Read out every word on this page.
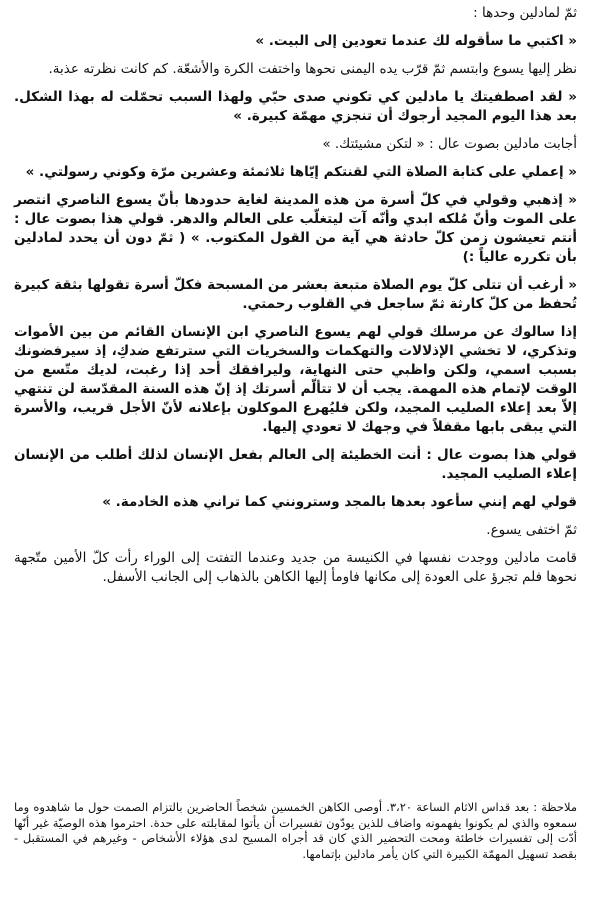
ثمّ لمادلين وحدها :

« اكتبي ما سأقوله لك عندما تعودين إلى البيت. »

نظر إليها يسوع وابتسم ثمّ قرّب يده اليمنى نحوها واختفت الكرة والأشعّة. كم كانت نظرته عذبة.

« لقد اصطفيتك يا مادلين كي تكوني صدى حبّي ولهذا السبب تحمّلت له بهذا الشكل. بعد هذا اليوم المجيد أرجوك أن تنجزي مهمّة كبيرة. »

أجابت مادلين بصوت عال : « لتكن مشيئتك. »

« إعملي على كتابة الصلاة التي لقنتكم إيّاها ثلاثمئة وعشرين مرّة وكوني رسولتي. »

« إذهبي وقولي في كلّ أسرة من هذه المدينة لغاية حدودها بأنّ يسوع الناصري انتصر على الموت وأنّ مُلكه ابدي وأنّه آت ليتغلّب على العالم والدهر. قولي هذا بصوت عال : أنتم تعيشون زمن كلّ حادثة هي آية من القول المكتوب. » ( ثمّ دون أن يحدد لمادلين بأن تكرره عالياً :)

« أرغب أن تتلى كلّ يوم الصلاة متبعة بعشر من المسبحة فكلّ أسرة تقولها بثقة كبيرة تُحفظ من كلّ كارثة ثمّ ساجعل في القلوب رحمتي.

إذا سالوك عن مرسلك قولي لهم يسوع الناصري ابن الإنسان القائم من بين الأموات وتذكري، لا تخشي الإذلالات والتهكمات والسخريات التي سترتفع ضدكِ، إذ سيرفضونك بسبب اسمي، ولكن واظبي حتى النهاية، وليرافقك أحد إذا رغبت، لديك متّسع من الوقت لإتمام هذه المهمة. يجب أن لا تتألّم أسرتك إذ إنّ هذه السنة المقدّسة لن تنتهي إلاّ بعد إعلاء الصليب المجيد، ولكن فليُهرع الموكلون بإعلانه لأنّ الأجل قريب، والأسرة التي يبقى بابها مقفلاً في وجهك لا تعودي إليها.

قولي هذا بصوت عال : أنت الخطيئة إلى العالم بفعل الإنسان لذلك أطلب من الإنسان إعلاء الصليب المجيد.

قولي لهم إنني سأعود بعدها بالمجد وسترونني كما تراني هذه الخادمة. »

ثمّ اختفى يسوع.

قامت مادلين ووجدت نفسها في الكنيسة من جديد وعندما التفتت إلى الوراء رأت كلّ الأمين متّجهة نحوها فلم تجرؤ على العودة إلى مكانها فاومأ إليها الكاهن بالذهاب إلى الجانب الأسفل.

ملاحظة : بعد قداس الاثام الساعة ٣،٢٠. أوصى الكاهن الخمسين شخصاً الحاضرين بالتزام الصمت حول ما شاهدوه وما سمعوه والذي لم يكونوا يفهمونه واضاف للذين يودّون تفسيرات أن يأتوا لمقابلته على حدة. احترموا هذه الوصيّة غير أنّها أدّت إلى تفسيرات خاطئة ومحت التحضير الذي كان قد أجراه المسيح لدى هؤلاء الأشخاص - وغيرهم في المستقبل - بقصد تسهيل المهمّة الكبيرة التي كان يأمر مادلين بإتمامها.
